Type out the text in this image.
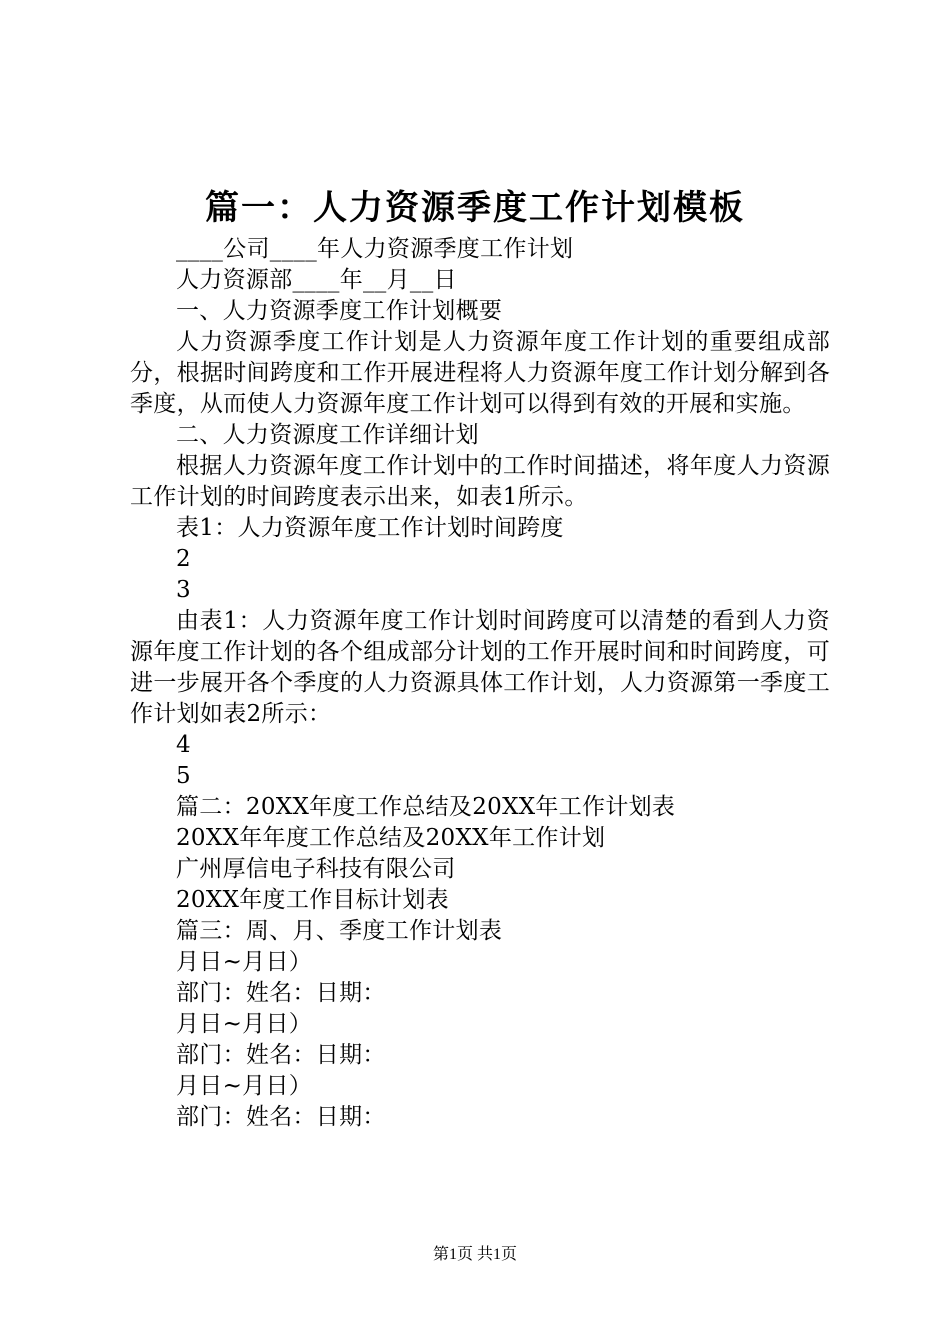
篇一：人力资源季度工作计划模板

____公司____年人力资源季度工作计划

人力资源部____年__月__日

一、人力资源季度工作计划概要

人力资源季度工作计划是人力资源年度工作计划的重要组成部分，根据时间跨度和工作开展进程将人力资源年度工作计划分解到各季度，从而使人力资源年度工作计划可以得到有效的开展和实施。

二、人力资源度工作详细计划

根据人力资源年度工作计划中的工作时间描述，将年度人力资源工作计划的时间跨度表示出来，如表1所示。

表1：人力资源年度工作计划时间跨度

2

3

由表1：人力资源年度工作计划时间跨度可以清楚的看到人力资源年度工作计划的各个组成部分计划的工作开展时间和时间跨度，可进一步展开各个季度的人力资源具体工作计划，人力资源第一季度工作计划如表2所示：

4

5

篇二：20XX年度工作总结及20XX年工作计划表

20XX年年度工作总结及20XX年工作计划

广州厚信电子科技有限公司

20XX年度工作目标计划表

篇三：周、月、季度工作计划表

月日~月日）

部门：姓名：日期：

月日~月日）

部门：姓名：日期：

月日~月日）

部门：姓名：日期：

第1页 共1页
